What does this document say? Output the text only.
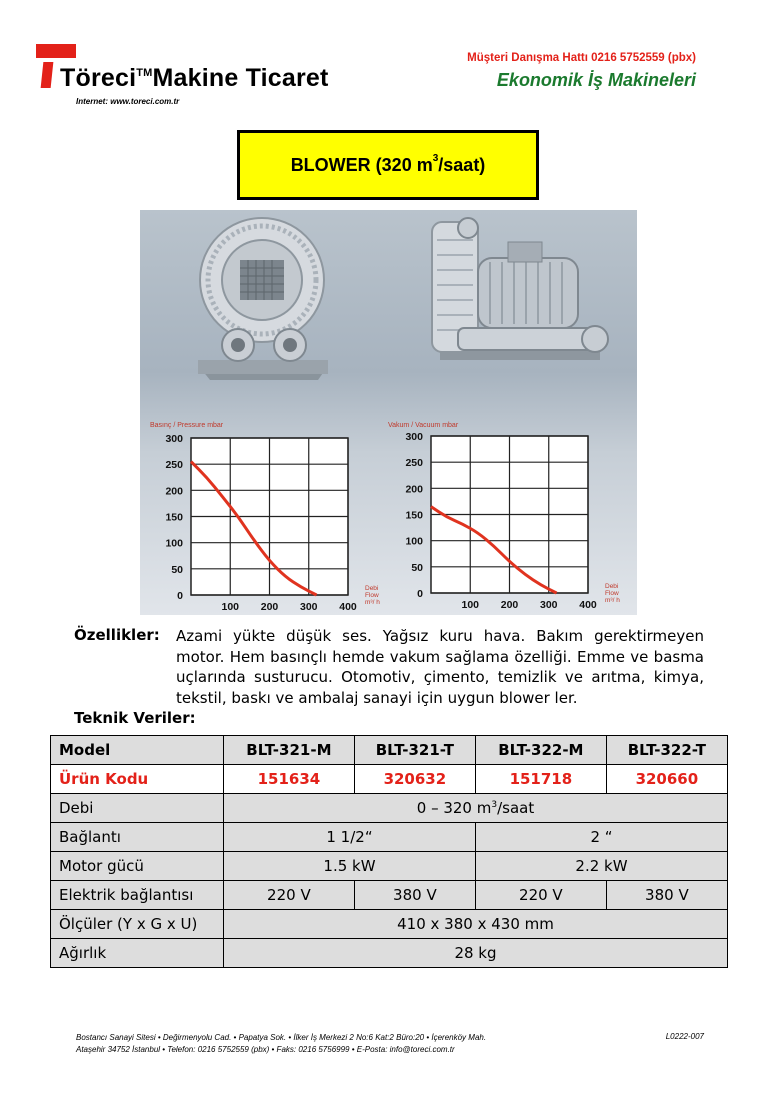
Töreci™Makine Ticaret
Internet: www.toreci.com.tr
Müşteri Danışma Hattı 0216 5752559 (pbx)
Ekonomik İş Makineleri
BLOWER (320 $m^3$ /saat)
Basınç / Pressure mbar
300
250
200
150
100
50
0
100 200 300 400
Debi
Flow
m³/ h
Vakum / Vacuum mbar
300
250
200
150
100
50
0
100 200 300 400
Debi
Flow
m³/ h
Özellikler: Azami yükte düşük ses. Yağsız kuru hava. Bakım gerektirmeyen motor. Hem basınçlı hemde vakum sağlama özelliği. Emme ve basma uçlarında susturucu. Otomotiv, çimento, temizlik ve arıtma, kimya, tekstil, baskı ve ambalaj sanayi için uygun blower ler.
Teknik Veriler:
Model	BLT-321-M	BLT-321-T	BLT-322-M	BLT-322-T
Ürün Kodu	151634	320632	151718	320660
Debi	0 – 320 $m^3$/saat			
Bağlantı	1 1/2“		2 “	
Motor gücü	1.5 kW		2.2 kW	
Elektrik bağlantısı	220 V	380 V	220 V	380 V
Ölçüler (Y x G x U)	410 x 380 x 430 mm			
Ağırlık	28 kg			
Bostancı Sanayi Sitesi • Değirmenyolu Cad. • Papatya Sok. • İlker İş Merkezi 2 No:6 Kat:2 Büro:20 • İçerenköy Mah.
Ataşehir 34752 İstanbul • Telefon: 0216 5752559 (pbx) • Faks: 0216 5756999 • E-Posta: info@toreci.com.tr
L0222-007
